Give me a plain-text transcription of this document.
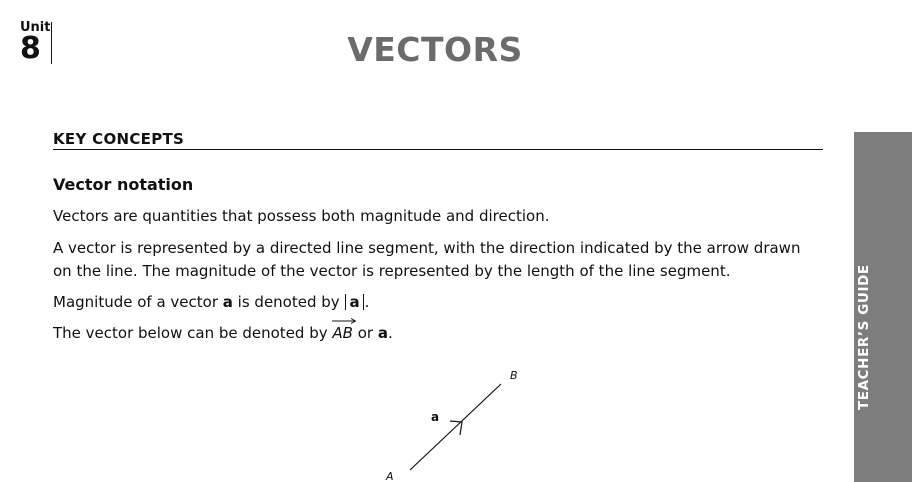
Unit
8	VECTORS
KEY CONCEPTS
Vector notation
Vectors are quantities that possess both magnitude and direction.
A vector is represented by a directed line segment, with the direction indicated by the arrow drawn on the line. The magnitude of the vector is represented by the length of the line segment.
Magnitude of a vector a is denoted by a .
The vector below can be denoted by
AB or a.
B
A
a
TEACHER’S GUIDE
